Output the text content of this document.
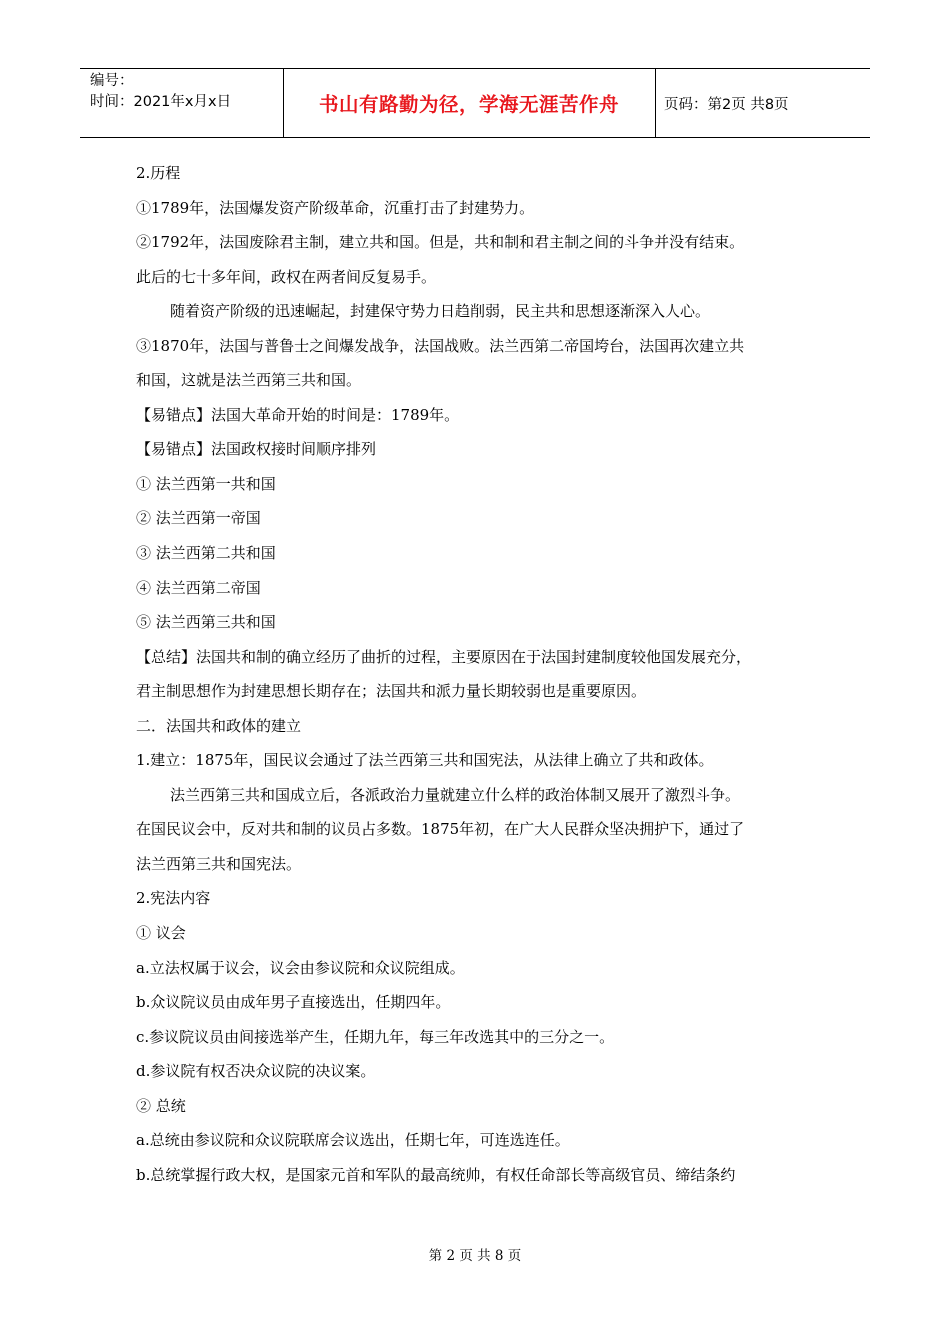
编号：
时间：2021年x月x日	书山有路勤为径，学海无涯苦作舟	页码：第2页 共8页

2.历程

①1789年，法国爆发资产阶级革命，沉重打击了封建势力。

②1792年，法国废除君主制，建立共和国。但是，共和制和君主制之间的斗争并没有结束。

此后的七十多年间，政权在两者间反复易手。

随着资产阶级的迅速崛起，封建保守势力日趋削弱，民主共和思想逐渐深入人心。

③1870年，法国与普鲁士之间爆发战争，法国战败。法兰西第二帝国垮台，法国再次建立共

和国，这就是法兰西第三共和国。

【易错点】法国大革命开始的时间是：1789年。

【易错点】法国政权接时间顺序排列

① 法兰西第一共和国

② 法兰西第一帝国

③ 法兰西第二共和国

④ 法兰西第二帝国

⑤ 法兰西第三共和国

【总结】法国共和制的确立经历了曲折的过程，主要原因在于法国封建制度较他国发展充分，

君主制思想作为封建思想长期存在；法国共和派力量长期较弱也是重要原因。

二．法国共和政体的建立

1.建立：1875年，国民议会通过了法兰西第三共和国宪法，从法律上确立了共和政体。

法兰西第三共和国成立后，各派政治力量就建立什么样的政治体制又展开了激烈斗争。

在国民议会中，反对共和制的议员占多数。1875年初，在广大人民群众坚决拥护下，通过了

法兰西第三共和国宪法。

2.宪法内容

① 议会

a.立法权属于议会，议会由参议院和众议院组成。

b.众议院议员由成年男子直接选出，任期四年。

c.参议院议员由间接选举产生，任期九年，每三年改选其中的三分之一。

d.参议院有权否决众议院的决议案。

② 总统

a.总统由参议院和众议院联席会议选出，任期七年，可连选连任。

b.总统掌握行政大权，是国家元首和军队的最高统帅，有权任命部长等高级官员、缔结条约

第 2 页 共 8 页
